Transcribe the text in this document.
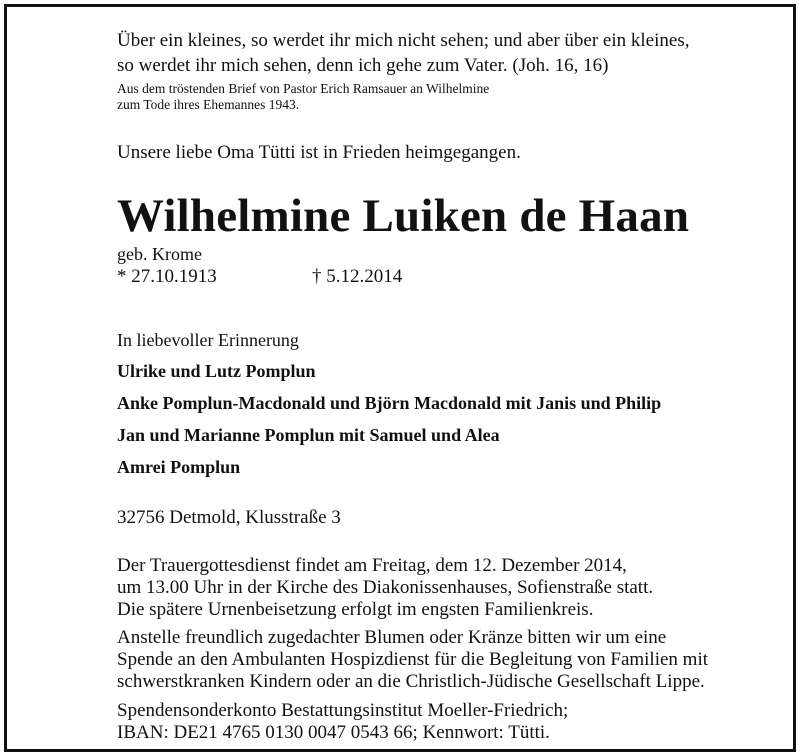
Über ein kleines, so werdet ihr mich nicht sehen; und aber über ein kleines,

so werdet ihr mich sehen, denn ich gehe zum Vater. (Joh. 16, 16)

Aus dem tröstenden Brief von Pastor Erich Ramsauer an Wilhelmine

zum Tode ihres Ehemannes 1943.

Unsere liebe Oma Tütti ist in Frieden heimgegangen.

Wilhelmine Luiken de Haan

geb. Krome

* 27.10.1913	† 5.12.2014

In liebevoller Erinnerung

Ulrike und Lutz Pomplun

Anke Pomplun-Macdonald und Björn Macdonald mit Janis und Philip

Jan und Marianne Pomplun mit Samuel und Alea

Amrei Pomplun

32756 Detmold, Klusstraße 3

Der Trauergottesdienst findet am Freitag, dem 12. Dezember 2014,

um 13.00 Uhr in der Kirche des Diakonissenhauses, Sofienstraße statt.

Die spätere Urnenbeisetzung erfolgt im engsten Familienkreis.

Anstelle freundlich zugedachter Blumen oder Kränze bitten wir um eine

Spende an den Ambulanten Hospizdienst für die Begleitung von Familien mit

schwerstkranken Kindern oder an die Christlich-Jüdische Gesellschaft Lippe.

Spendensonderkonto Bestattungsinstitut Moeller-Friedrich;

IBAN: DE21 4765 0130 0047 0543 66; Kennwort: Tütti.
